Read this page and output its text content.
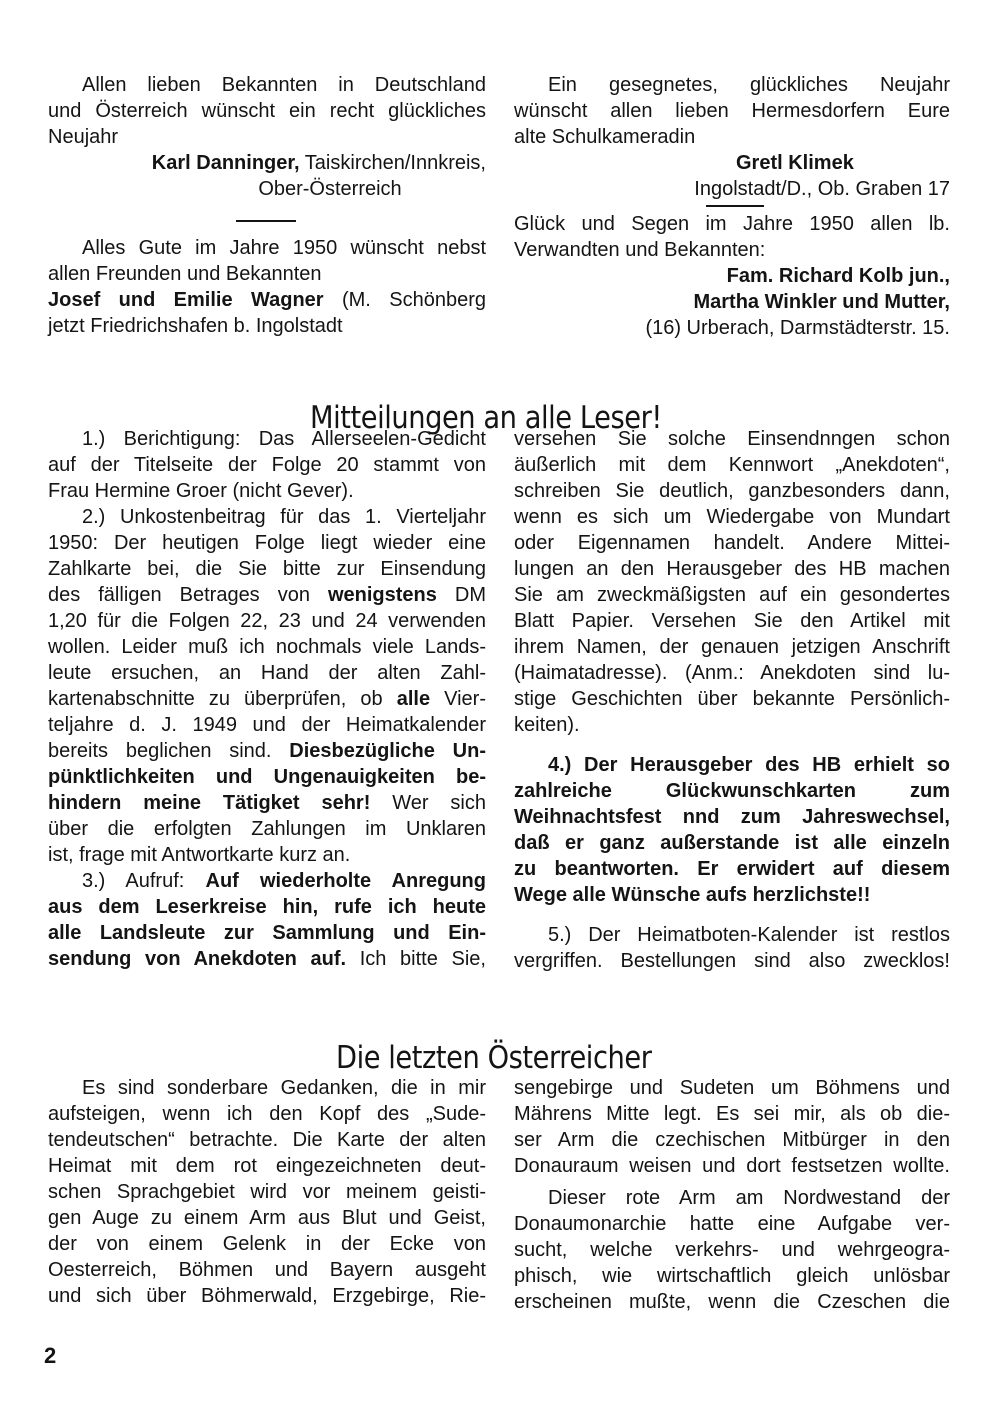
Allen lieben Bekannten in Deutschland
und Österreich wünscht ein recht glückliches
Neujahr
Karl Danninger, Taiskirchen/Innkreis,
Ober-Österreich
Alles Gute im Jahre 1950 wünscht nebst
allen Freunden und Bekannten
Josef und Emilie Wagner (M. Schönberg
jetzt Friedrichshafen b. Ingolstadt
Ein gesegnetes, glückliches Neujahr
wünscht allen lieben Hermesdorfern Eure
alte Schulkameradin
Gretl Klimek
Ingolstadt/D., Ob. Graben 17
Glück und Segen im Jahre 1950 allen lb.
Verwandten und Bekannten:
Fam. Richard Kolb jun.,
Martha Winkler und Mutter,
(16) Urberach, Darmstädterstr. 15.
Mitteilungen an alle Leser!
1.) Berichtigung: Das Allerseelen-Gedicht
auf der Titelseite der Folge 20 stammt von
Frau Hermine Groer (nicht Gever).
2.) Unkostenbeitrag für das 1. Vierteljahr
1950: Der heutigen Folge liegt wieder eine
Zahlkarte bei, die Sie bitte zur Einsendung
des fälligen Betrages von wenigstens DM
1,20 für die Folgen 22, 23 und 24 verwenden
wollen. Leider muß ich nochmals viele Lands-
leute ersuchen, an Hand der alten Zahl-
kartenabschnitte zu überprüfen, ob alle Vier-
teljahre d. J. 1949 und der Heimatkalender
bereits beglichen sind. Diesbezügliche Un-
pünktlichkeiten und Ungenauigkeiten be-
hindern meine Tätigket sehr! Wer sich
über die erfolgten Zahlungen im Unklaren
ist, frage mit Antwortkarte kurz an.
3.) Aufruf: Auf wiederholte Anregung
aus dem Leserkreise hin, rufe ich heute
alle Landsleute zur Sammlung und Ein-
sendung von Anekdoten auf. Ich bitte Sie,
versehen Sie solche Einsendnngen schon
äußerlich mit dem Kennwort „Anekdoten“,
schreiben Sie deutlich, ganzbesonders dann,
wenn es sich um Wiedergabe von Mundart
oder Eigennamen handelt. Andere Mittei-
lungen an den Herausgeber des HB machen
Sie am zweckmäßigsten auf ein gesondertes
Blatt Papier. Versehen Sie den Artikel mit
ihrem Namen, der genauen jetzigen Anschrift
(Haimatadresse). (Anm.: Anekdoten sind lu-
stige Geschichten über bekannte Persönlich-
keiten).
4.) Der Herausgeber des HB erhielt so
zahlreiche Glückwunschkarten zum
Weihnachtsfest nnd zum Jahreswechsel,
daß er ganz außerstande ist alle einzeln
zu beantworten. Er erwidert auf diesem
Wege alle Wünsche aufs herzlichste!!
5.) Der Heimatboten-Kalender ist restlos
vergriffen. Bestellungen sind also zwecklos!
Die letzten Österreicher
Es sind sonderbare Gedanken, die in mir
aufsteigen, wenn ich den Kopf des „Sude-
tendeutschen“ betrachte. Die Karte der alten
Heimat mit dem rot eingezeichneten deut-
schen Sprachgebiet wird vor meinem geisti-
gen Auge zu einem Arm aus Blut und Geist,
der von einem Gelenk in der Ecke von
Oesterreich, Böhmen und Bayern ausgeht
und sich über Böhmerwald, Erzgebirge, Rie-
sengebirge und Sudeten um Böhmens und
Mährens Mitte legt. Es sei mir, als ob die-
ser Arm die czechischen Mitbürger in den
Donauraum weisen und dort festsetzen wollte.
Dieser rote Arm am Nordwestand der
Donaumonarchie hatte eine Aufgabe ver-
sucht, welche verkehrs- und wehrgeogra-
phisch, wie wirtschaftlich gleich unlösbar
erscheinen mußte, wenn die Czeschen die
2
